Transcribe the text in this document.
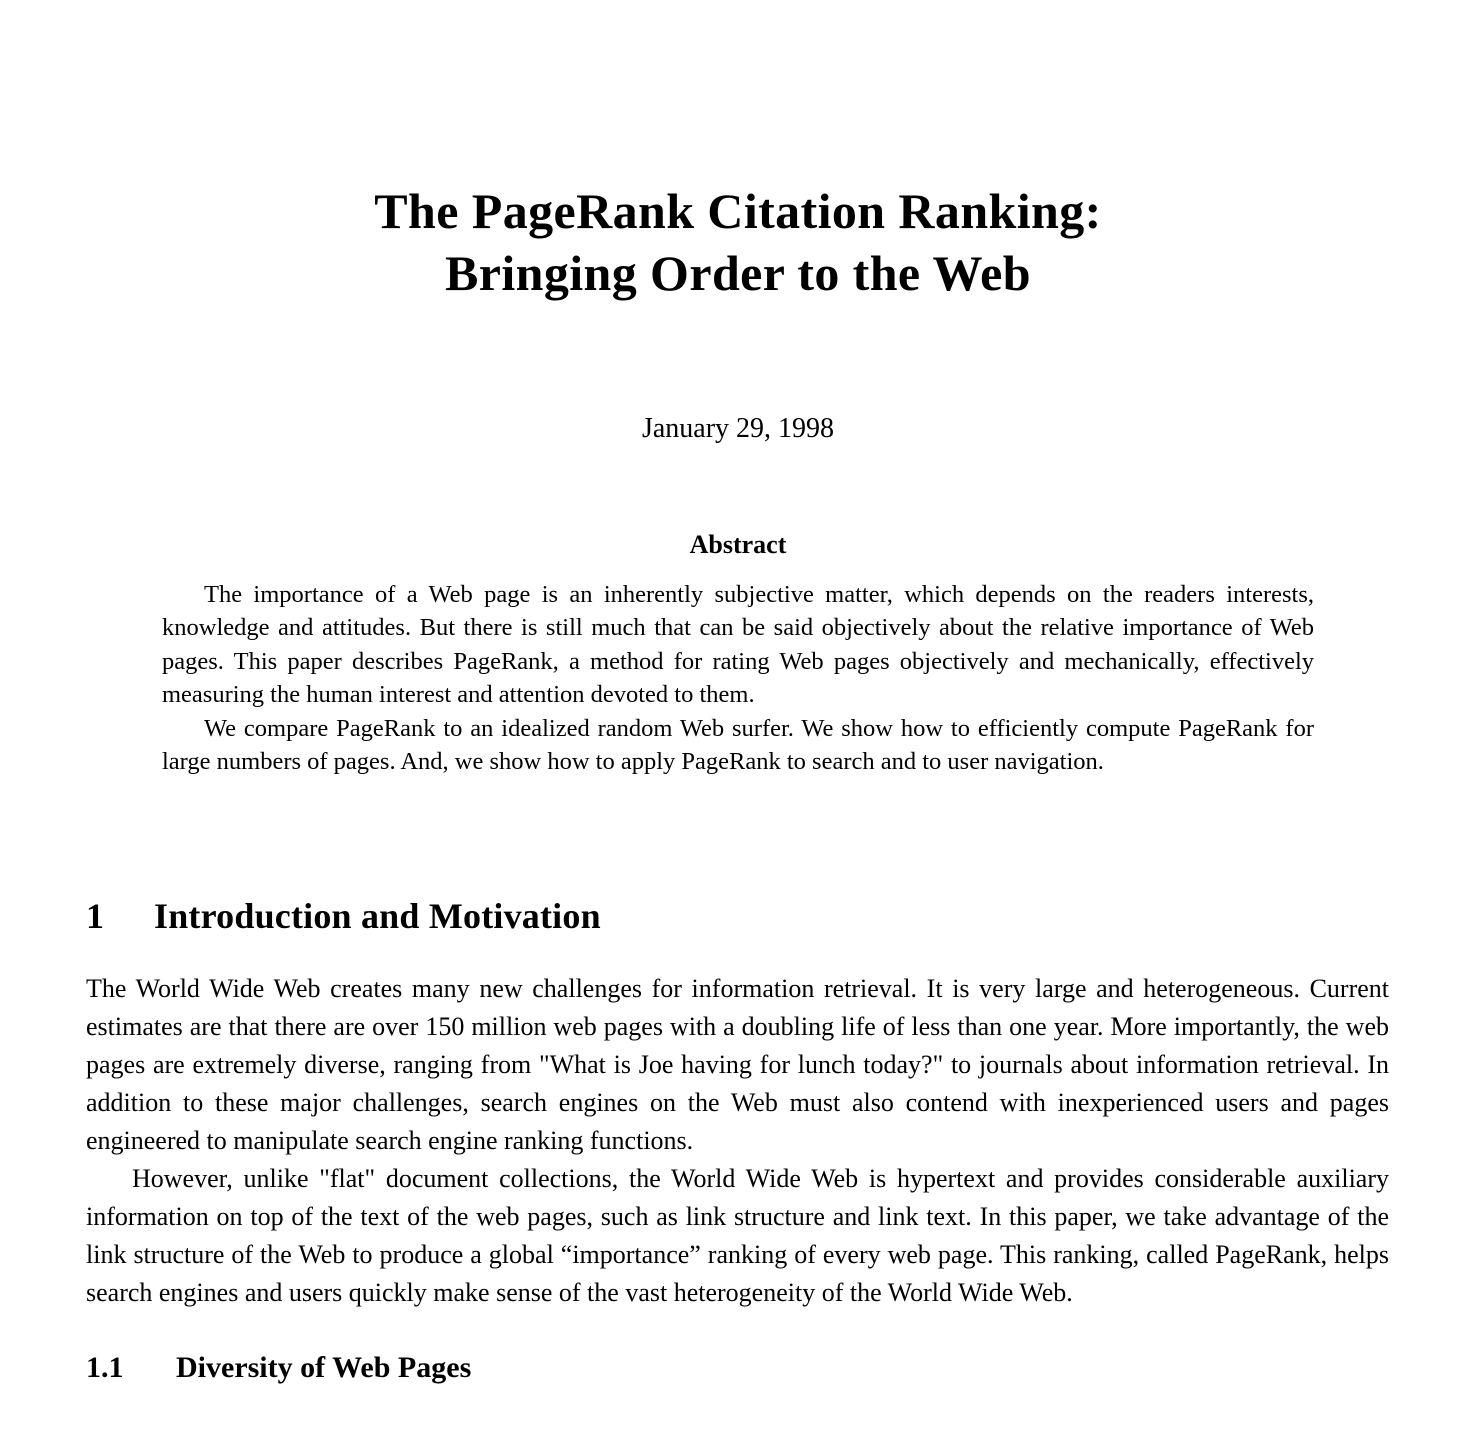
The PageRank Citation Ranking:
Bringing Order to the Web
January 29, 1998
Abstract

The importance of a Web page is an inherently subjective matter, which depends on the readers interests, knowledge and attitudes. But there is still much that can be said objectively about the relative importance of Web pages. This paper describes PageRank, a method for rating Web pages objectively and mechanically, effectively measuring the human interest and attention devoted to them.

We compare PageRank to an idealized random Web surfer. We show how to efficiently compute PageRank for large numbers of pages. And, we show how to apply PageRank to search and to user navigation.

1 Introduction and Motivation

The World Wide Web creates many new challenges for information retrieval. It is very large and heterogeneous. Current estimates are that there are over 150 million web pages with a doubling life of less than one year. More importantly, the web pages are extremely diverse, ranging from "What is Joe having for lunch today?" to journals about information retrieval. In addition to these major challenges, search engines on the Web must also contend with inexperienced users and pages engineered to manipulate search engine ranking functions.

However, unlike "flat" document collections, the World Wide Web is hypertext and provides considerable auxiliary information on top of the text of the web pages, such as link structure and link text. In this paper, we take advantage of the link structure of the Web to produce a global “importance” ranking of every web page. This ranking, called PageRank, helps search engines and users quickly make sense of the vast heterogeneity of the World Wide Web.

1.1 Diversity of Web Pages
